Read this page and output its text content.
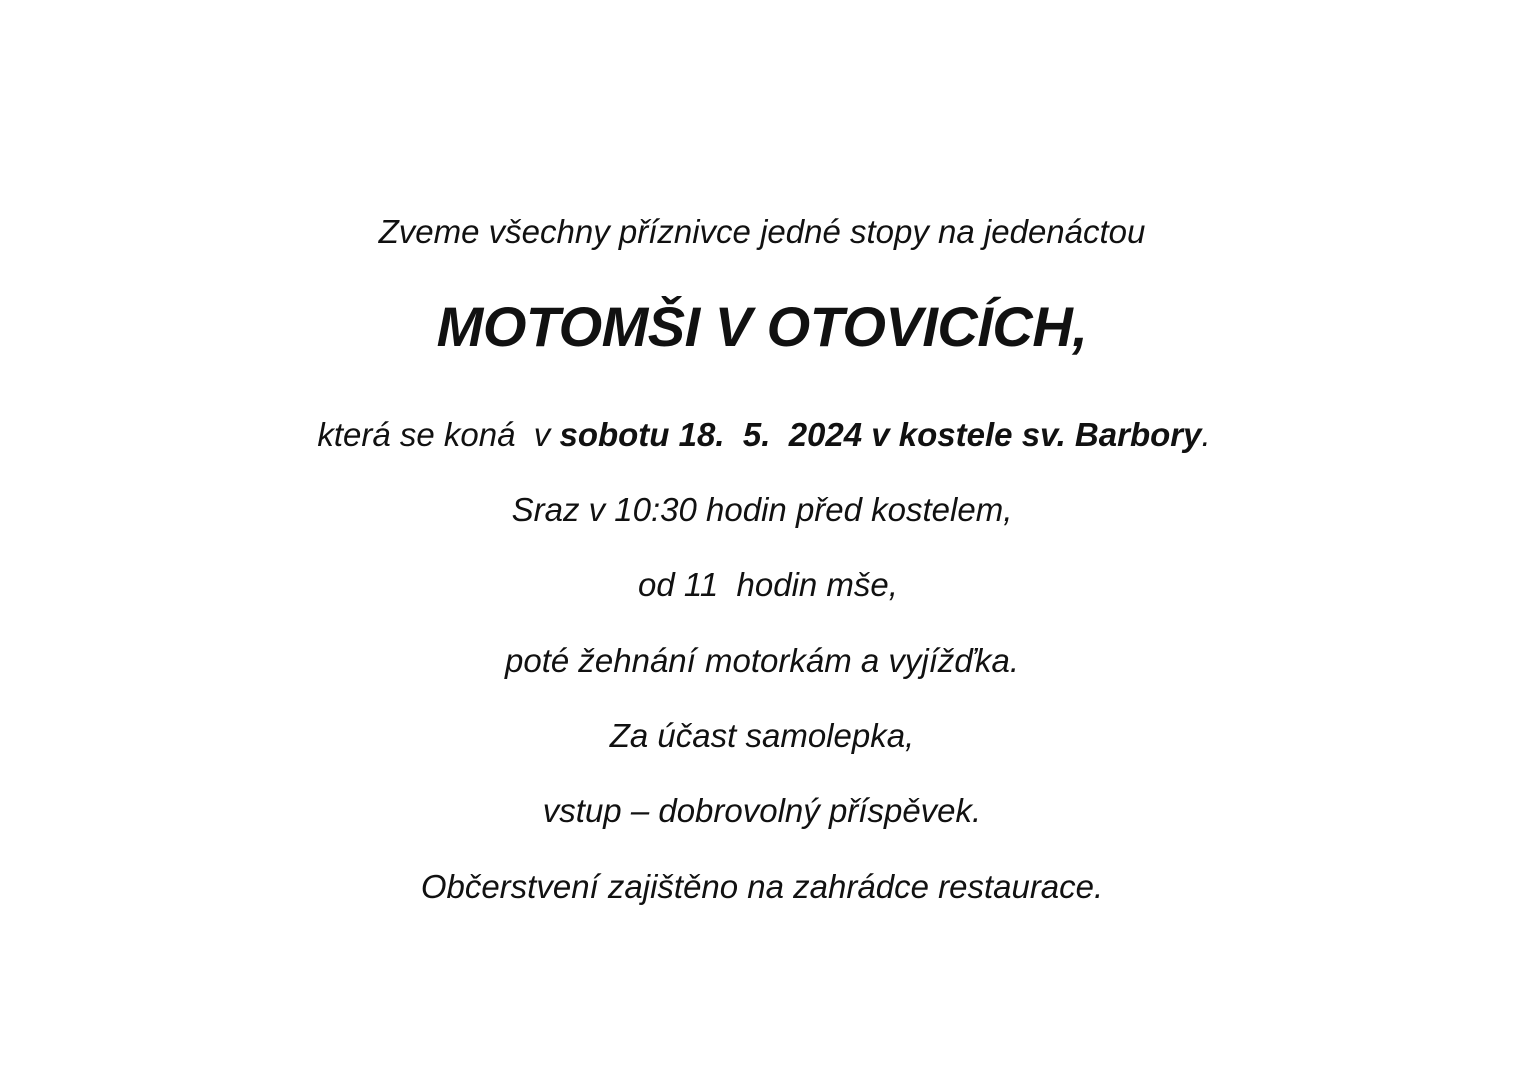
Zveme všechny příznivce jedné stopy na jedenáctou
MOTOMŠI V OTOVICÍCH,
která se koná  v sobotu 18.  5.  2024 v kostele sv. Barbory.
Sraz v 10:30 hodin před kostelem,
od 11  hodin mše,
poté žehnání motorkám a vyjížďka.
Za účast samolepka,
vstup – dobrovolný příspěvek.
Občerstvení zajištěno na zahrádce restaurace.
